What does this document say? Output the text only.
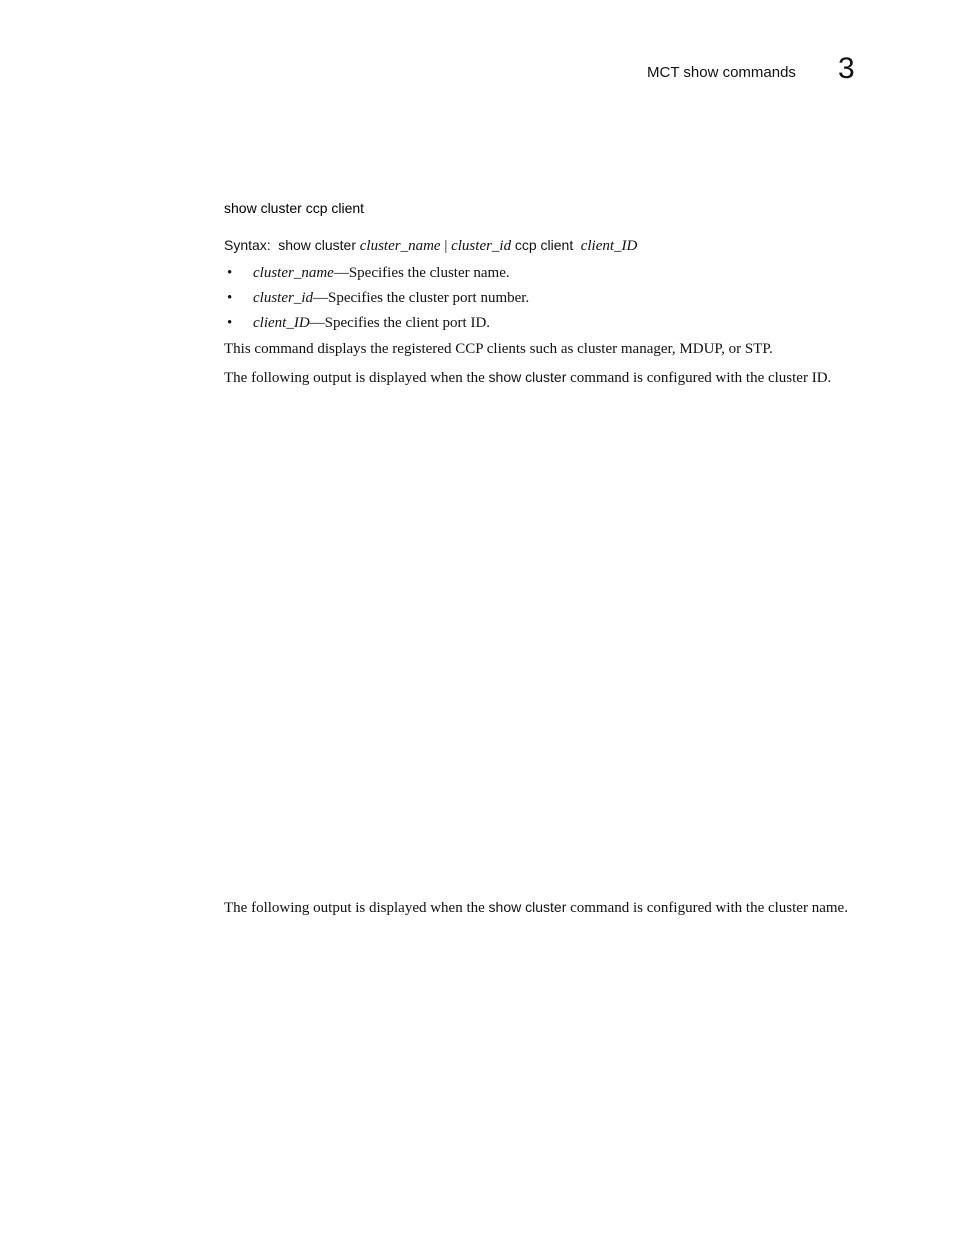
MCT show commands 3
show cluster ccp client
Syntax: show cluster cluster_name | cluster_id ccp client client_ID
• cluster_name—Specifies the cluster name.
• cluster_id—Specifies the cluster port number.
• client_ID—Specifies the client port ID.
This command displays the registered CCP clients such as cluster manager, MDUP, or STP.
The following output is displayed when the show cluster command is configured with the cluster ID.
The following output is displayed when the show cluster command is configured with the cluster name.
